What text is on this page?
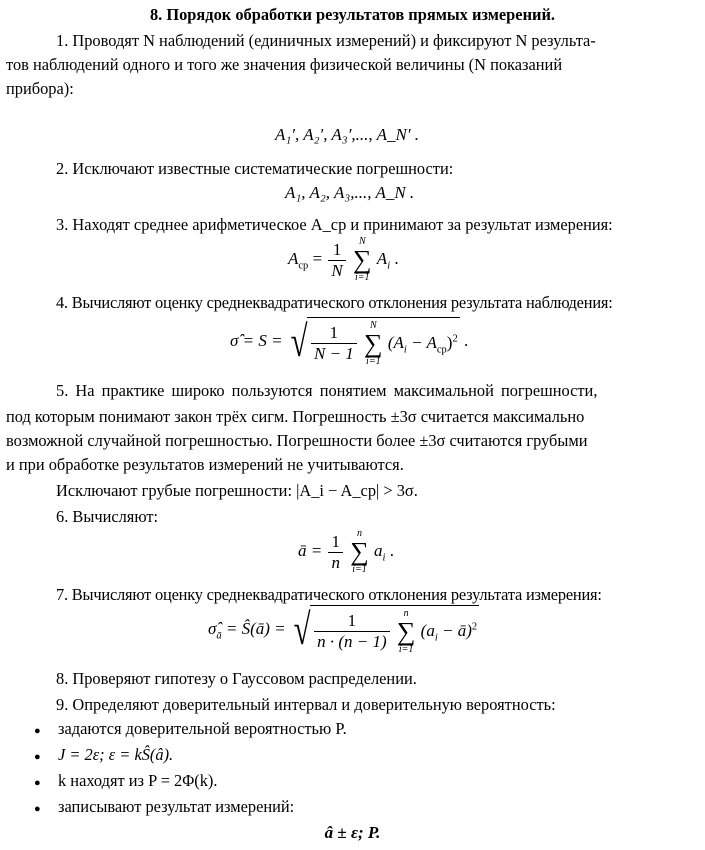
8. Порядок обработки результатов прямых измерений.
1. Проводят N наблюдений (единичных измерений) и фиксируют N результа-
тов наблюдений одного и того же значения физической величины (N показаний
прибора):
A₁′, A₂′, A₃′,..., A_N′ .
2. Исключают известные систематические погрешности:
A₁, A₂, A₃,..., A_N .
3. Находят среднее арифметическое A_ср и принимают за результат измерения:
$A_{ср} = \frac{1}{N}$
	N
∑
i=1
$A_i$ .
4. Вычисляют оценку среднеквадратического отклонения результата наблюдения:
σ̂ = S = √ $\frac{1}{N - 1}$
	N
∑
i=1
$(A_i - A_{ср})^2$ .
5. На практике широко пользуются понятием максимальной погрешности,
под которым понимают закон трёх сигм. Погрешность ±3σ считается максимально
возможной случайной погрешностью. Погрешности более ±3σ считаются грубыми
и при обработке результатов измерений не учитываются.
Исключают грубые погрешности: |A_i − A_ср| > 3σ.
6. Вычисляют:
ā = $\frac{1}{n}$
	n
∑
i=1
$a_i$ .
7. Вычисляют оценку среднеквадратического отклонения результата измерения:
$\sigmâ_ā$ = Ŝ(ā) = √ $\frac{1}{n \cdot (n - 1)}$
	n
∑
i=1
($a_i$ − ā)$^2$
8. Проверяют гипотезу о Гауссовом распределении.
9. Определяют доверительный интервал и доверительную вероятность:
● задаются доверительной вероятностью P.
● J = 2ε; ε = kŜ(â).
● k находят из P = 2Φ(k).
● записывают результат измерений:
â ± ε; P.
